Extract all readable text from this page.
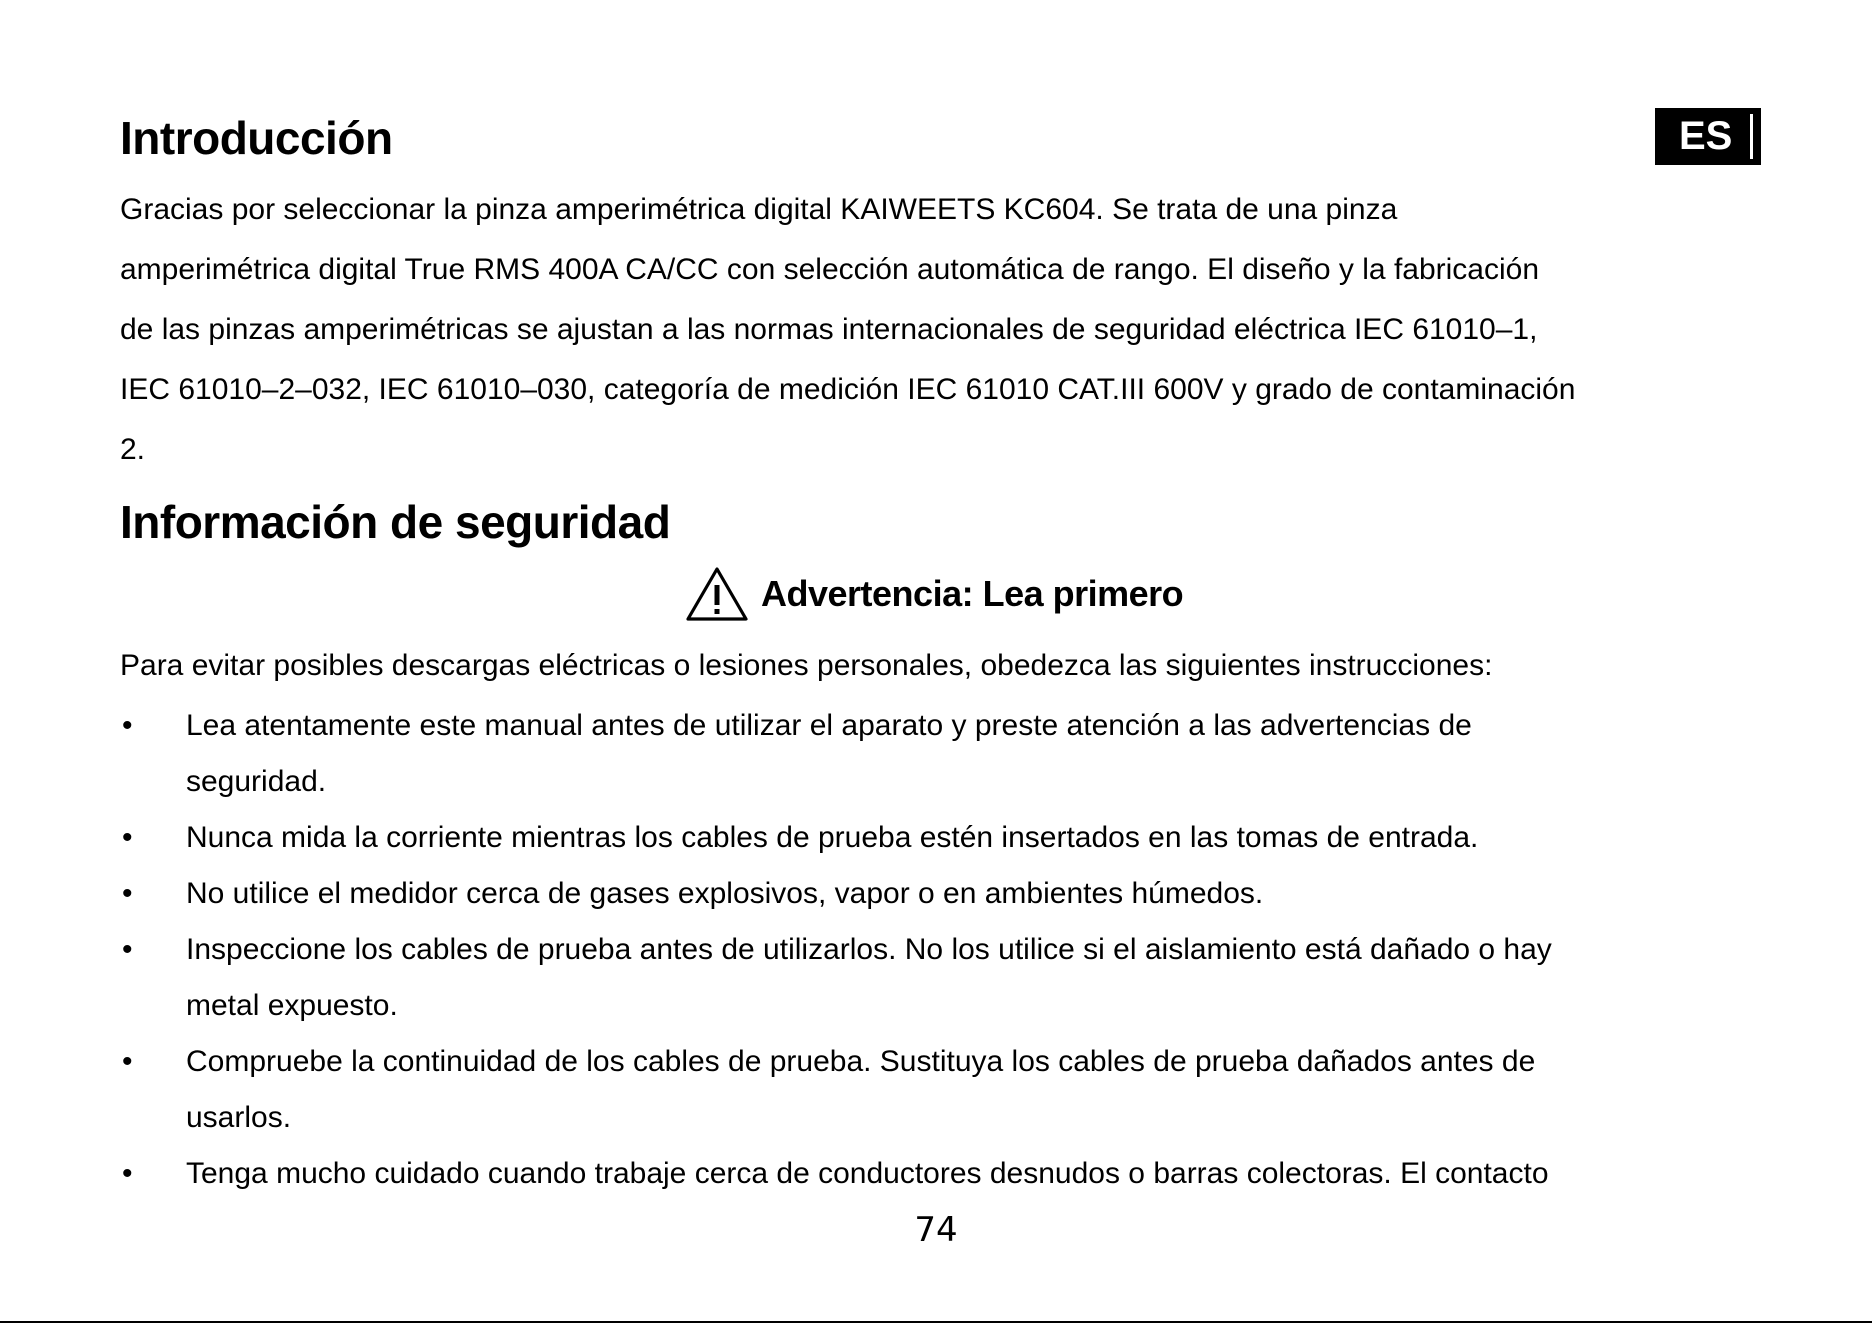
ES
Introducción

Gracias por seleccionar la pinza amperimétrica digital KAIWEETS KC604. Se trata de una pinza
amperimétrica digital True RMS 400A CA/CC con selección automática de rango. El diseño y la fabricación
de las pinzas amperimétricas se ajustan a las normas internacionales de seguridad eléctrica IEC 61010–1,
IEC 61010–2–032, IEC 61010–030, categoría de medición IEC 61010 CAT.III 600V y grado de contaminación
2.

Información de seguridad
Advertencia: Lea primero

Para evitar posibles descargas eléctricas o lesiones personales, obedezca las siguientes instrucciones:

• Lea atentamente este manual antes de utilizar el aparato y preste atención a las advertencias de
seguridad.
• Nunca mida la corriente mientras los cables de prueba estén insertados en las tomas de entrada.
• No utilice el medidor cerca de gases explosivos, vapor o en ambientes húmedos.
• Inspeccione los cables de prueba antes de utilizarlos. No los utilice si el aislamiento está dañado o hay
metal expuesto.
• Compruebe la continuidad de los cables de prueba. Sustituya los cables de prueba dañados antes de
usarlos.
• Tenga mucho cuidado cuando trabaje cerca de conductores desnudos o barras colectoras. El contacto
74
